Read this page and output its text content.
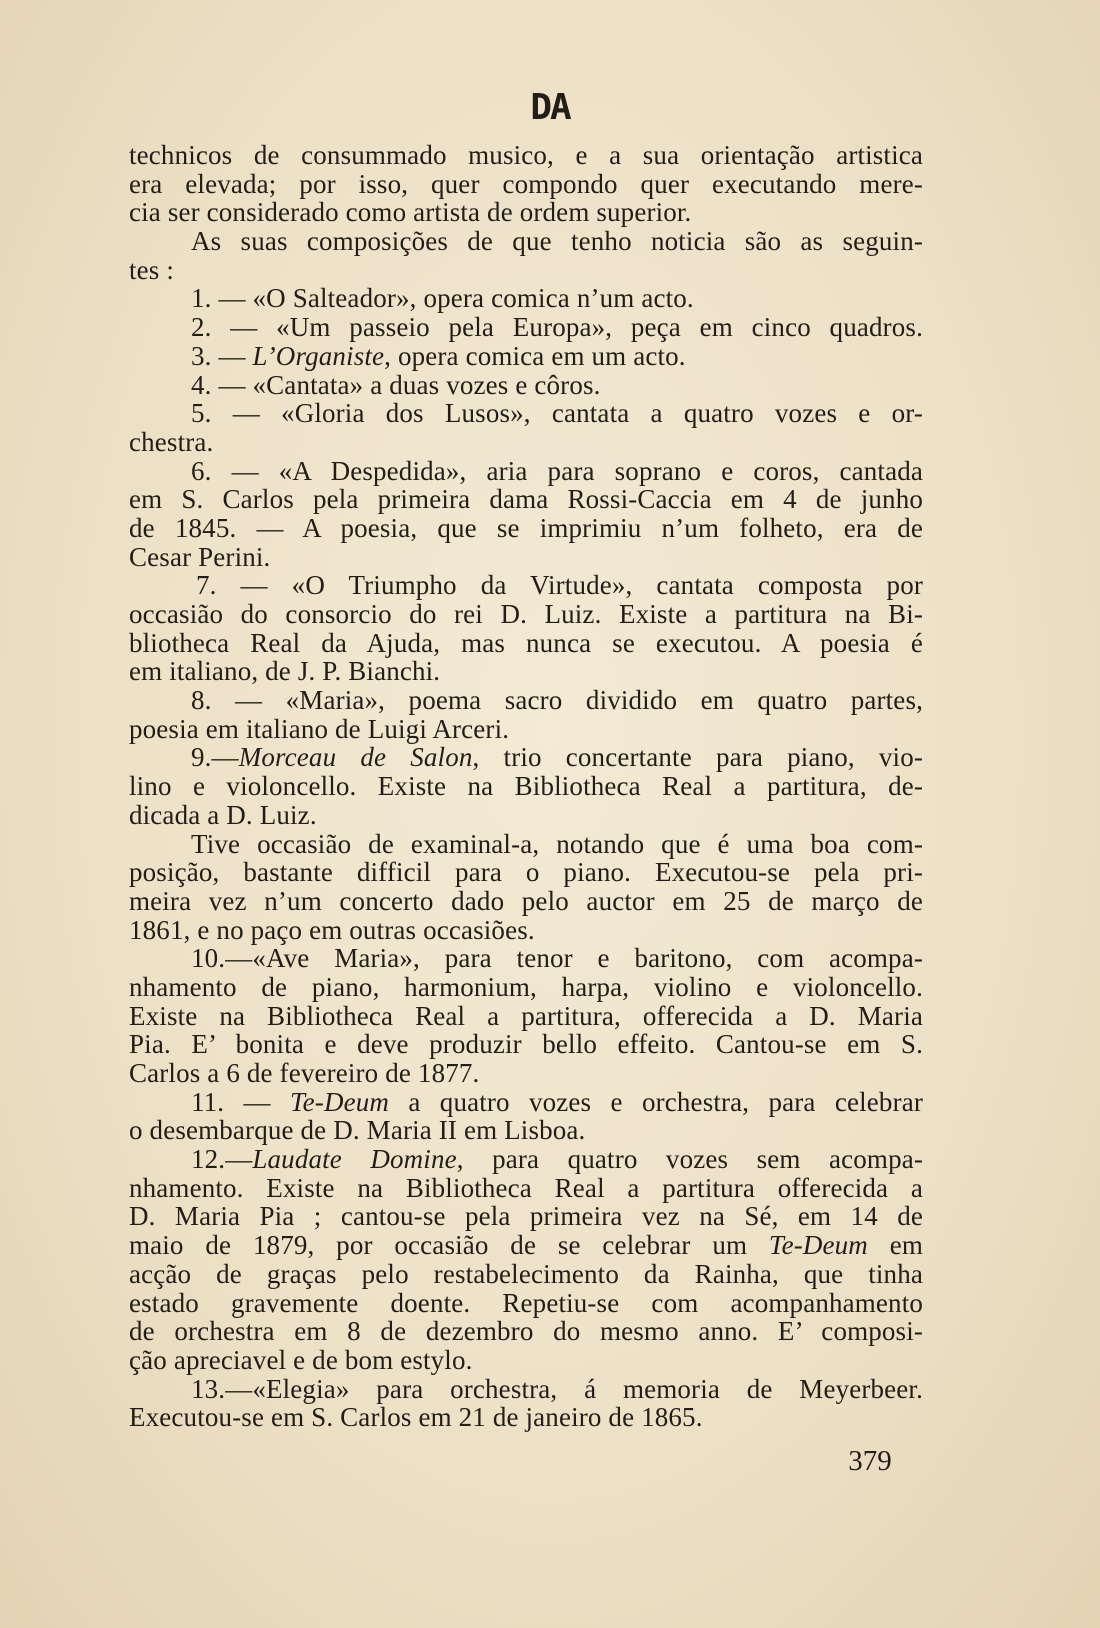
DA
technicos de consummado musico, e a sua orientação artistica
era elevada; por isso, quer compondo quer executando mere-
cia ser considerado como artista de ordem superior.
As suas composições de que tenho noticia são as seguin-
tes :
1. — «O Salteador», opera comica n’um acto.
2. — «Um passeio pela Europa», peça em cinco quadros.
3. — L’Organiste, opera comica em um acto.
4. — «Cantata» a duas vozes e côros.
5. — «Gloria dos Lusos», cantata a quatro vozes e or-
chestra.
6. — «A Despedida», aria para soprano e coros, cantada
em S. Carlos pela primeira dama Rossi-Caccia em 4 de junho
de 1845. — A poesia, que se imprimiu n’um folheto, era de
Cesar Perini.
7. — «O Triumpho da Virtude», cantata composta por
occasião do consorcio do rei D. Luiz. Existe a partitura na Bi-
bliotheca Real da Ajuda, mas nunca se executou. A poesia é
em italiano, de J. P. Bianchi.
8. — «Maria», poema sacro dividido em quatro partes,
poesia em italiano de Luigi Arceri.
9.—Morceau de Salon, trio concertante para piano, vio-
lino e violoncello. Existe na Bibliotheca Real a partitura, de-
dicada a D. Luiz.
Tive occasião de examinal-a, notando que é uma boa com-
posição, bastante difficil para o piano. Executou-se pela pri-
meira vez n’um concerto dado pelo auctor em 25 de março de
1861, e no paço em outras occasiões.
10.—«Ave Maria», para tenor e baritono, com acompa-
nhamento de piano, harmonium, harpa, violino e violoncello.
Existe na Bibliotheca Real a partitura, offerecida a D. Maria
Pia. E’ bonita e deve produzir bello effeito. Cantou-se em S.
Carlos a 6 de fevereiro de 1877.
11. — Te-Deum a quatro vozes e orchestra, para celebrar
o desembarque de D. Maria II em Lisboa.
12.—Laudate Domine, para quatro vozes sem acompa-
nhamento. Existe na Bibliotheca Real a partitura offerecida a
D. Maria Pia ; cantou-se pela primeira vez na Sé, em 14 de
maio de 1879, por occasião de se celebrar um Te-Deum em
acção de graças pelo restabelecimento da Rainha, que tinha
estado gravemente doente. Repetiu-se com acompanhamento
de orchestra em 8 de dezembro do mesmo anno. E’ composi-
ção apreciavel e de bom estylo.
13.—«Elegia» para orchestra, á memoria de Meyerbeer.
Executou-se em S. Carlos em 21 de janeiro de 1865.
379
